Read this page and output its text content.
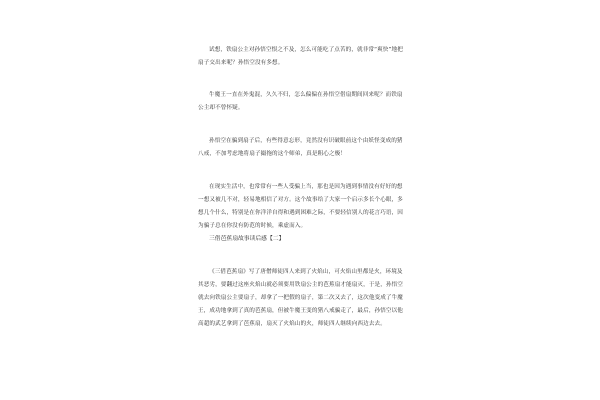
试想，铁扇公主对孙悟空恨之不及，怎么可能吃了点苦的，就非常“爽快”地把扇子交出来呢？孙悟空没有多想。

牛魔王一直在外鬼混，久久不归，怎么偏偏在孙悟空借扇期间回来呢？而铁扇公主却不曾怀疑。

孙悟空在骗到扇子后，有些得意忘形，竟然没有识破眼前这个由妖怪变成的猪八戒，不加考虑地将扇子撮拖的这个师弟，真是粗心之极！

在现实生活中，也常常有一些人受骗上当，那也是因为遇到事情没有好好的想一想又被几不对，轻易地相信了对方。这个故事给了大家一个启示多长个心眼，多想几个什么，特别是在你洋洋自得和遇到困难之际，不要轻信别人的花言巧语，因为骗子总在你没有防范的时候，乘虚而入。

三借芭蕉扇故事读后感【二】

《三借芭蕉扇》写了唐僧师徒四人来到了火焰山，可火焰山里都是火，环境及其恶劣，要翻过这座火焰山就必须要用铁扇公主的芭蕉扇才能扇灭，于是，孙悟空就去向铁扇公主要扇子，却拿了一把假的扇子，第二次又去了，这次他变成了牛魔王，成功地拿到了真的芭蕉扇，但被牛魔王变的猪八戒骗走了，最后，孙悟空以他高超的武艺拿到了芭蕉扇，扇灭了火焰山的火，师徒四人继续向西边去去。
